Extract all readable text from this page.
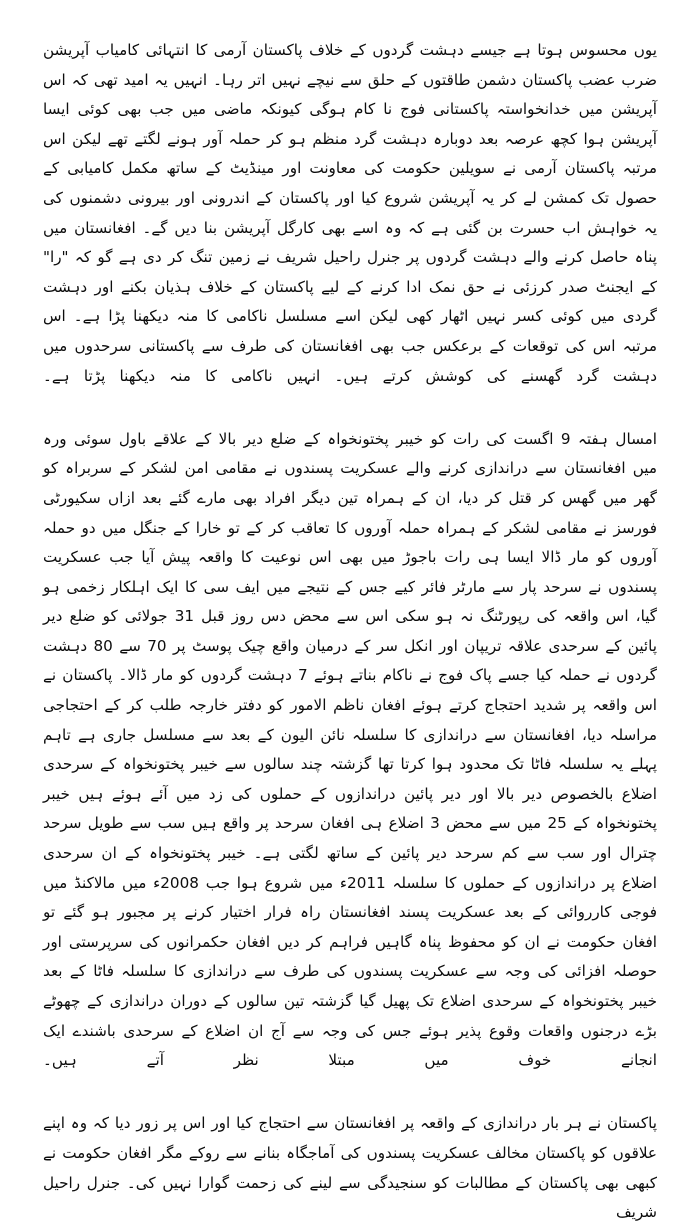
یوں محسوس ہوتا ہے جیسے دہشت گردوں کے خلاف پاکستان آرمی کا انتہائی کامیاب آپریشن ضرب عضب پاکستان دشمن طاقتوں کے حلق سے نیچے نہیں اتر رہا۔ انہیں یہ امید تھی کہ اس آپریشن میں خدانخواستہ پاکستانی فوج نا کام ہوگی کیونکہ ماضی میں جب بھی کوئی ایسا آپریشن ہوا کچھ عرصہ بعد دوبارہ دہشت گرد منظم ہو کر حملہ آور ہونے لگتے تھے لیکن اس مرتبہ پاکستان آرمی نے سویلین حکومت کی معاونت اور مینڈیٹ کے ساتھ مکمل کامیابی کے حصول تک کمشن لے کر یہ آپریشن شروع کیا اور پاکستان کے اندرونی اور بیرونی دشمنوں کی یہ خواہش اب حسرت بن گئی ہے کہ وہ اسے بھی کارگل آپریشن بنا دیں گے۔ افغانستان میں پناہ حاصل کرنے والے دہشت گردوں پر جنرل راحیل شریف نے زمین تنگ کر دی ہے گو کہ "را" کے ایجنٹ صدر کرزئی نے حق نمک ادا کرنے کے لیے پاکستان کے خلاف ہذیان بکنے اور دہشت گردی میں کوئی کسر نہیں اٹھار کھی لیکن اسے مسلسل ناکامی کا منہ دیکھنا پڑا ہے۔ اس مرتبہ اس کی توقعات کے برعکس جب بھی افغانستان کی طرف سے پاکستانی سرحدوں میں دہشت گرد گھسنے کی کوشش کرتے ہیں۔ انہیں ناکامی کا منہ دیکھنا پڑتا ہے۔

امسال ہفتہ 9 اگست کی رات کو خیبر پختونخواہ کے ضلع دیر بالا کے علاقے باول سوئی ورہ میں افغانستان سے دراندازی کرنے والے عسکریت پسندوں نے مقامی امن لشکر کے سربراہ کو گھر میں گھس کر قتل کر دیا، ان کے ہمراہ تین دیگر افراد بھی مارے گئے بعد ازاں سکیورٹی فورسز نے مقامی لشکر کے ہمراہ حملہ آوروں کا تعاقب کر کے تو خارا کے جنگل میں دو حملہ آوروں کو مار ڈالا ایسا ہی رات باجوڑ میں بھی اس نوعیت کا واقعہ پیش آیا جب عسکریت پسندوں نے سرحد پار سے مارٹر فائر کیے جس کے نتیجے میں ایف سی کا ایک اہلکار زخمی ہو گیا، اس واقعہ کی رپورٹنگ نہ ہو سکی اس سے محض دس روز قبل 31 جولائی کو ضلع دیر پائین کے سرحدی علاقہ تریپان اور انکل سر کے درمیان واقع چیک پوسٹ پر 70 سے 80 دہشت گردوں نے حملہ کیا جسے پاک فوج نے ناکام بناتے ہوئے 7 دہشت گردوں کو مار ڈالا۔ پاکستان نے اس واقعہ پر شدید احتجاج کرتے ہوئے افغان ناظم الامور کو دفتر خارجہ طلب کر کے احتجاجی مراسلہ دیا، افغانستان سے دراندازی کا سلسلہ نائن الیون کے بعد سے مسلسل جاری ہے تاہم پہلے یہ سلسلہ فاٹا تک محدود ہوا کرتا تھا گزشتہ چند سالوں سے خیبر پختونخواہ کے سرحدی اضلاع بالخصوص دیر بالا اور دیر پائین دراندازوں کے حملوں کی زد میں آئے ہوئے ہیں خیبر پختونخواہ کے 25 میں سے محض 3 اضلاع ہی افغان سرحد پر واقع ہیں سب سے طویل سرحد چترال اور سب سے کم سرحد دیر پائین کے ساتھ لگتی ہے۔ خیبر پختونخواہ کے ان سرحدی اضلاع پر دراندازوں کے حملوں کا سلسلہ 2011ء میں شروع ہوا جب 2008ء میں مالاکنڈ میں فوجی کارروائی کے بعد عسکریت پسند افغانستان راہ فرار اختیار کرنے پر مجبور ہو گئے تو افغان حکومت نے ان کو محفوظ پناہ گاہیں فراہم کر دیں افغان حکمرانوں کی سرپرستی اور حوصلہ افزائی کی وجہ سے عسکریت پسندوں کی طرف سے دراندازی کا سلسلہ فاٹا کے بعد خیبر پختونخواہ کے سرحدی اضلاع تک پھیل گیا گزشتہ تین سالوں کے دوران دراندازی کے چھوٹے بڑے درجنوں واقعات وقوع پذیر ہوئے جس کی وجہ سے آج ان اضلاع کے سرحدی باشندے ایک انجانے خوف میں مبتلا نظر آتے ہیں۔

پاکستان نے ہر بار دراندازی کے واقعہ پر افغانستان سے احتجاج کیا اور اس پر زور دیا کہ وہ اپنے علاقوں کو پاکستان مخالف عسکریت پسندوں کی آماجگاہ بنانے سے روکے مگر افغان حکومت نے کبھی بھی پاکستان کے مطالبات کو سنجیدگی سے لینے کی زحمت گوارا نہیں کی۔ جنرل راحیل شریف
